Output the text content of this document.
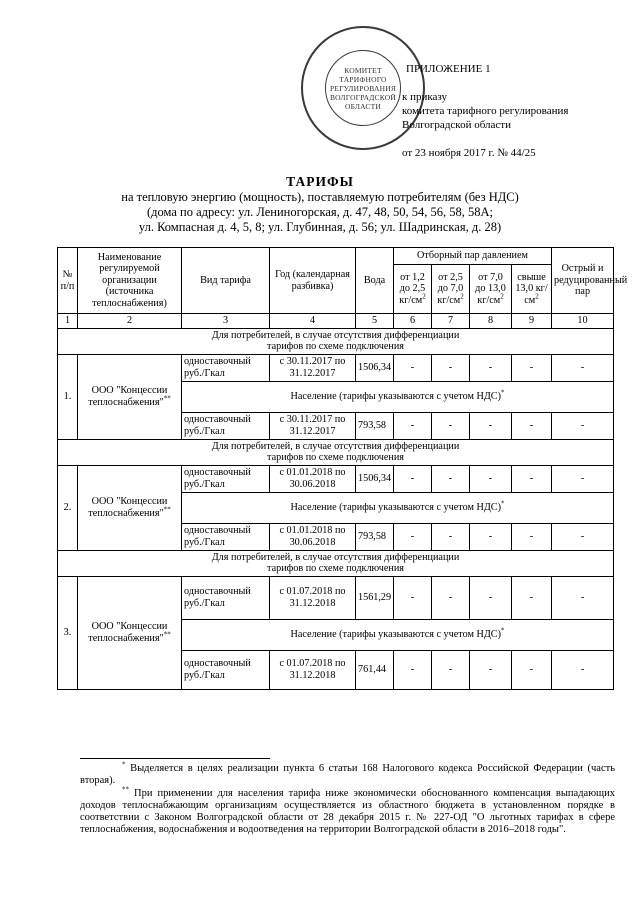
КОМИТЕТ
ТАРИФНОГО
РЕГУЛИРОВАНИЯ
ВОЛГОГРАДСКОЙ
ОБЛАСТИ
ПРИЛОЖЕНИЕ 1
к приказу
комитета тарифного регулирования
Волгоградской области
от 23 ноября 2017 г. № 44/25
ТАРИФЫ
на тепловую энергию (мощность), поставляемую потребителям (без НДС)
(дома по адресу: ул. Лениногорская, д. 47, 48, 50, 54, 56, 58, 58А;
ул. Компасная д. 4, 5, 8; ул. Глубинная, д. 56; ул. Шадринская, д. 28)
№ п/п	Наименование регулируемой организации (источника теплоснабжения)	Вид тарифа	Год (календарная разбивка)	Вода	Отборный пар давлением				Острый и редуцированный пар
					от 1,2 до 2,5 $кг/см^2$	от 2,5 до 7,0 $кг/см^2$	от 7,0 до 13,0 $кг/см^2$	свыше 13,0 $кг/см^2$
1	2	3	4	5	6	7	8	9	10
Для потребителей, в случае отсутствия дифференциации тарифов по схеме подключения									
1.	ООО "Концессии теплоснабжения"**	одноставочный руб./Гкал	с 30.11.2017 по 31.12.2017	1506,34	-	-	-	-	-
		Население (тарифы указываются с учетом НДС)*
		одноставочный руб./Гкал	с 30.11.2017 по 31.12.2017	793,58	-	-	-	-	-
Для потребителей, в случае отсутствия дифференциации тарифов по схеме подключения									
2.	ООО "Концессии теплоснабжения"**	одноставочный руб./Гкал	с 01.01.2018 по 30.06.2018	1506,34	-	-	-	-	-
		Население (тарифы указываются с учетом НДС)*
		одноставочный руб./Гкал	с 01.01.2018 по 30.06.2018	793,58	-	-	-	-	-
Для потребителей, в случае отсутствия дифференциации тарифов по схеме подключения									
3.	ООО "Концессии теплоснабжения"**	одноставочный руб./Гкал	с 01.07.2018 по 31.12.2018	1561,29	-	-	-	-	-
		Население (тарифы указываются с учетом НДС)*
		одноставочный руб./Гкал	с 01.07.2018 по 31.12.2018	761,44	-	-	-	-	-

* Выделяется в целях реализации пункта 6 статьи 168 Налогового кодекса Российской Федерации (часть вторая).

** При применении для населения тарифа ниже экономически обоснованного компенсация выпадающих доходов теплоснабжающим организациям осуществляется из областного бюджета в установленном порядке в соответствии с Законом Волгоградской области от 28 декабря 2015 г. № 227-ОД "О льготных тарифах в сфере теплоснабжения, водоснабжения и водоотведения на территории Волгоградской области в 2016–2018 годы".
